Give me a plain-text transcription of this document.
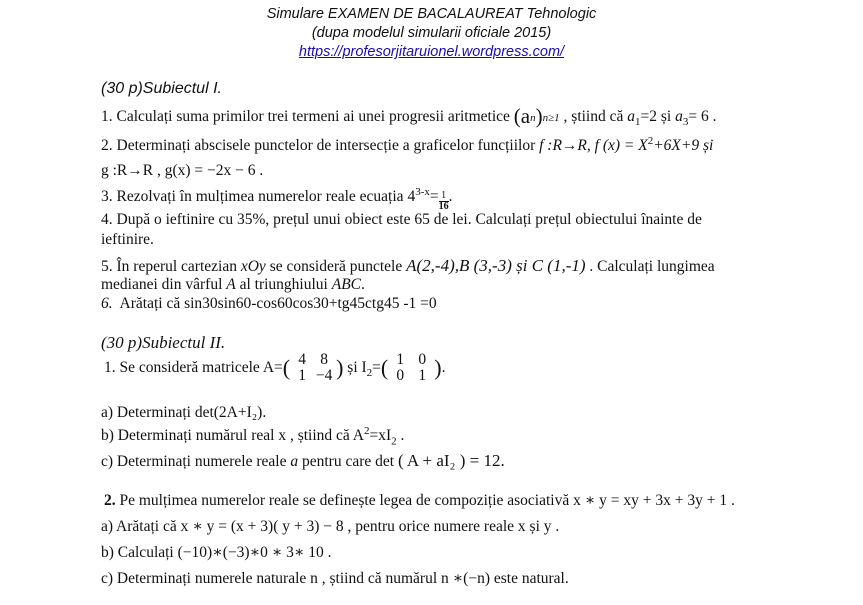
Simulare EXAMEN DE BACALAUREAT Tehnologic
(dupa modelul simularii oficiale 2015)
https://profesorjitaruionel.wordpress.com/
(30 p)Subiectul I.
1. Calculați suma primilor trei termeni ai unei progresii aritmetice (an)n≥1 , știind că $a_1=2$ și $a_3= 6$ .
2. Determinați abscisele punctelor de intersecție a graficelor funcțiilor f :R→R, f $(x) = X^2+6X+9$ și
g :R→R , g(x) = −2x − 6 .
3. Rezolvați în mulțimea numerelor reale ecuația $4^{3-x}= \frac{1}{16}$ .
4. După o ieftinire cu 35%, prețul unui obiect este 65 de lei. Calculați prețul obiectului înainte de
ieftinire.
5. În reperul cartezian xOy se consideră punctele A(2,-4),B (3,-3) și C (1,-1) . Calculați lungimea
medianei din vârful A al triunghiului ABC.
6. Arătați că sin30sin60-cos60cos30+tg45ctg45 -1 =0
(30 p)Subiectul II.
1. Se consideră matricele A=( 4 8
1 −4 ) și $I_2=$( 1 0
0 1 ).
a) Determinați det(2A+I₂).
b) Determinați numărul real x , știind că $A^2=xI_2$ .
c) Determinați numerele reale a pentru care det ( A + aI₂ ) = 12.
2. Pe mulțimea numerelor reale se definește legea de compoziție asociativă x ∗ y = xy + 3x + 3y + 1 .
a) Arătați că x ∗ y = (x + 3)( y + 3) − 8 , pentru orice numere reale x și y .
b) Calculați (−10)∗(−3)∗0 ∗ 3∗ 10 .
c) Determinați numerele naturale n , știind că numărul n ∗(−n) este natural.
